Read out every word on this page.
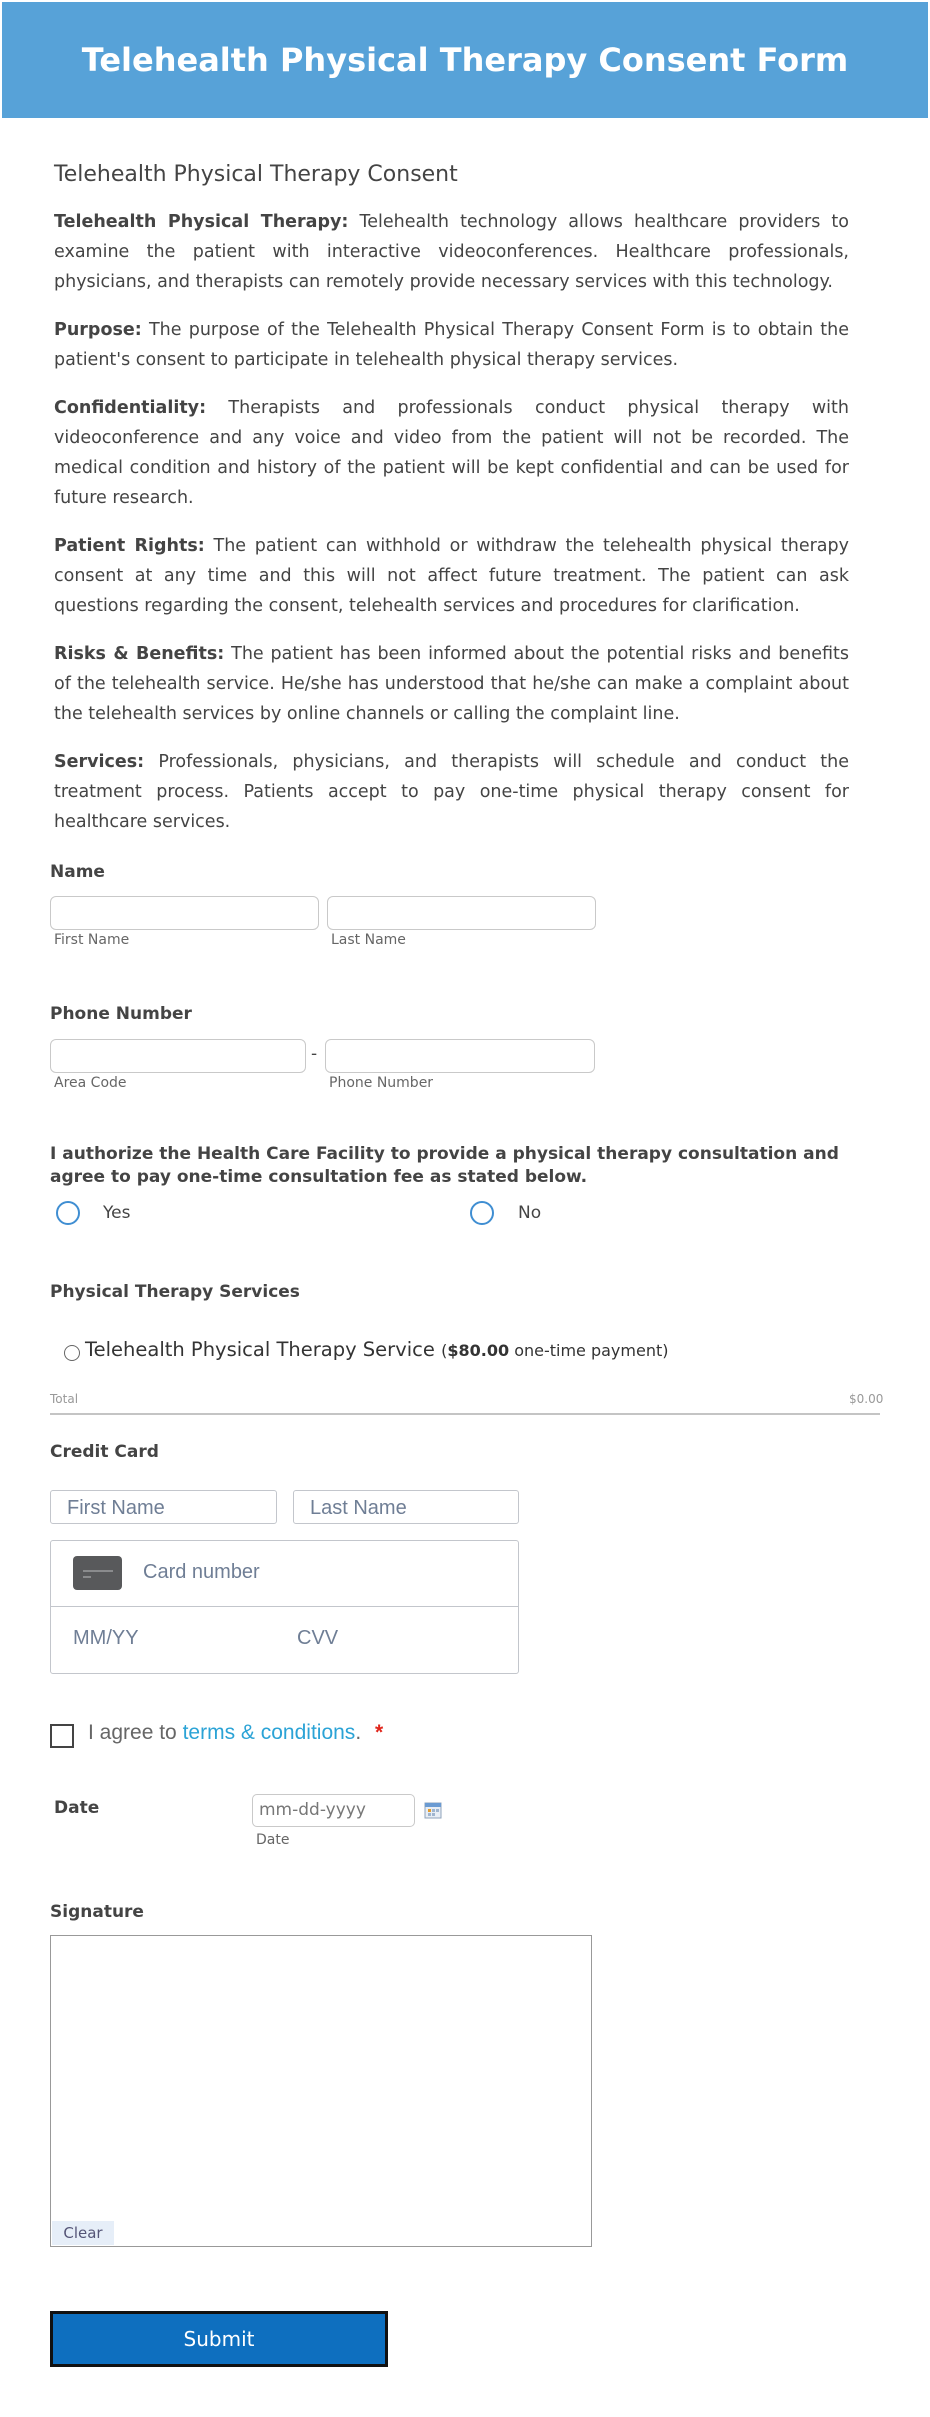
Telehealth Physical Therapy Consent Form
Telehealth Physical Therapy Consent

Telehealth Physical Therapy: Telehealth technology allows healthcare providers to examine the patient with interactive videoconferences. Healthcare professionals, physicians, and therapists can remotely provide necessary services with this technology.

Purpose: The purpose of the Telehealth Physical Therapy Consent Form is to obtain the patient's consent to participate in telehealth physical therapy services.

Confidentiality: Therapists and professionals conduct physical therapy with videoconference and any voice and video from the patient will not be recorded. The medical condition and history of the patient will be kept confidential and can be used for future research.

Patient Rights: The patient can withhold or withdraw the telehealth physical therapy consent at any time and this will not affect future treatment. The patient can ask questions regarding the consent, telehealth services and procedures for clarification.

Risks & Benefits: The patient has been informed about the potential risks and benefits of the telehealth service. He/she has understood that he/she can make a complaint about the telehealth services by online channels or calling the complaint line.

Services: Professionals, physicians, and therapists will schedule and conduct the treatment process. Patients accept to pay one-time physical therapy consent for healthcare services.

Name
First Name	Last Name
Phone Number
-
Area Code	Phone Number
I authorize the Health Care Facility to provide a physical therapy consultation and agree to pay one-time consultation fee as stated below.
Yes	No
Physical Therapy Services
Telehealth Physical Therapy Service ($80.00 one-time payment)
Total	$0.00
Credit Card
First Name	Last Name
Card number
MM/YY	CVV
I agree to terms & conditions. *
Date	mm-dd-yyyy
Date
Signature
Clear
Submit
